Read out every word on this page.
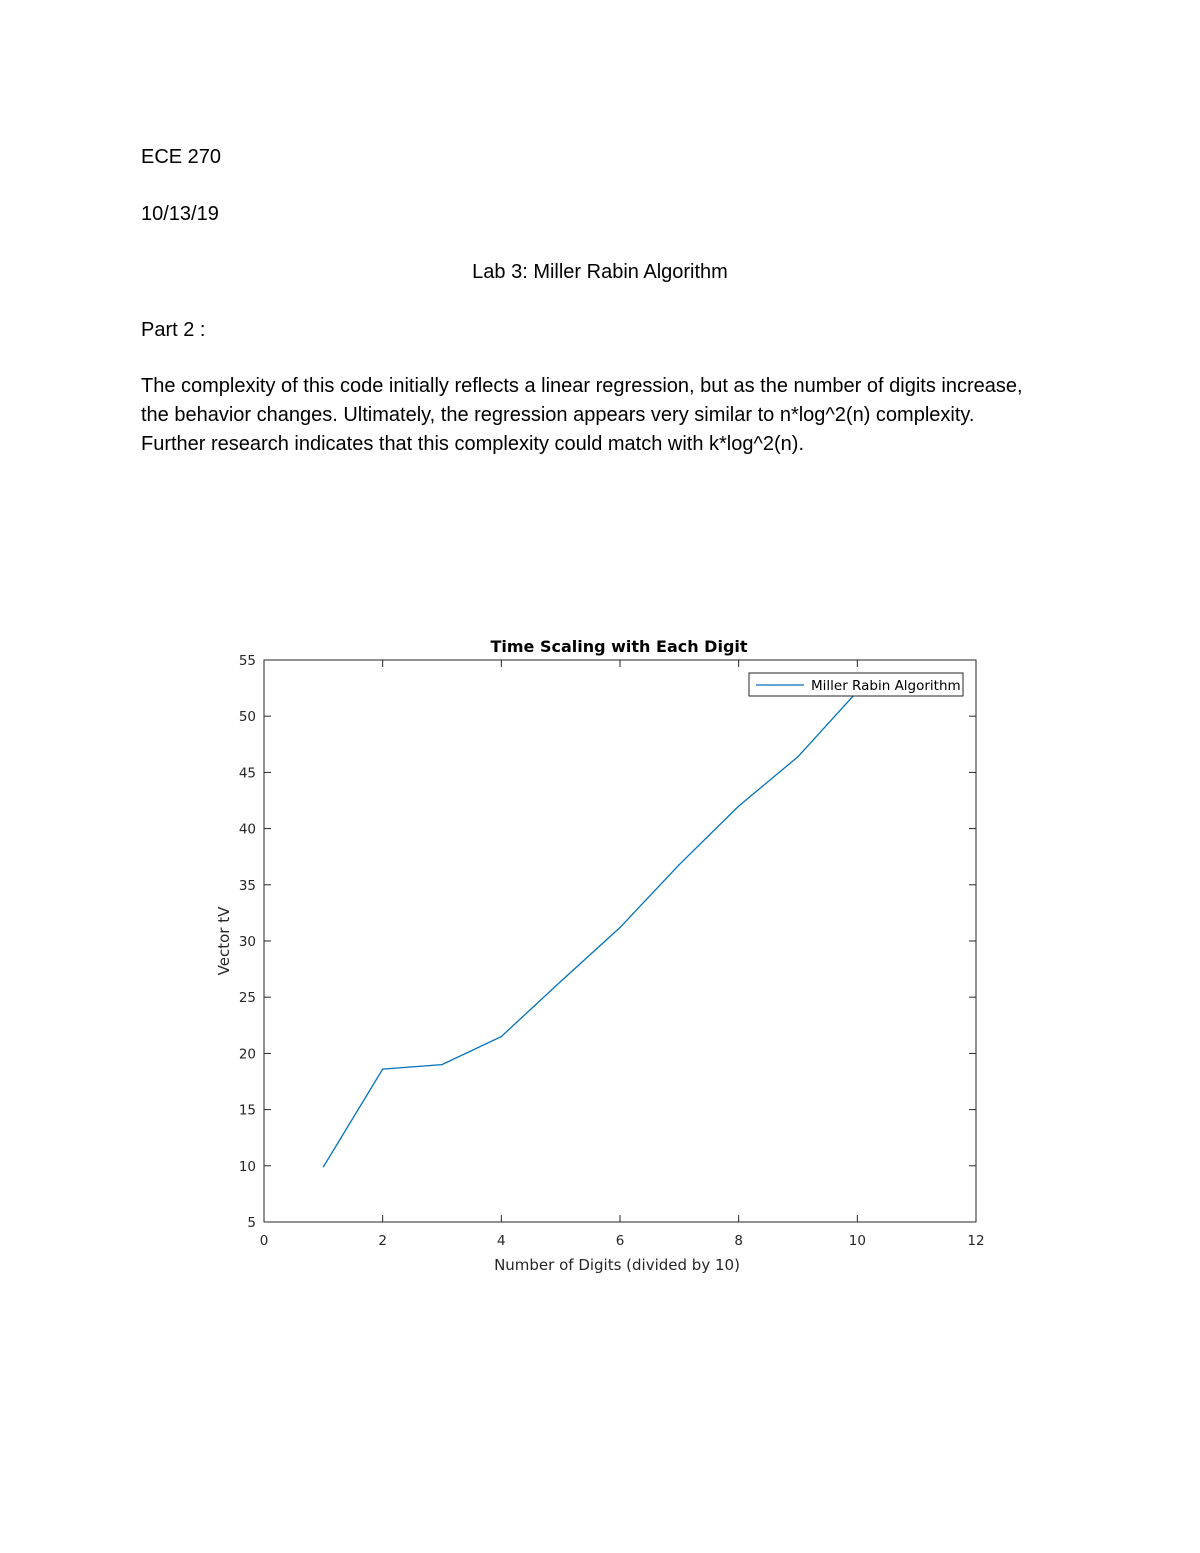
ECE 270
10/13/19
Lab 3: Miller Rabin Algorithm
Part 2 :
The complexity of this code initially reflects a linear regression, but as the number of digits increase, the behavior changes. Ultimately, the regression appears very similar to n*log^2(n) complexity. Further research indicates that this complexity could match with k*log^2(n).
Time Scaling with Each Digit
0	2	4	6	8	10	12
5
10
15
20
25
30
35
40
45
50
55
Number of Digits (divided by 10)
Vector tV
Miller Rabin Algorithm
